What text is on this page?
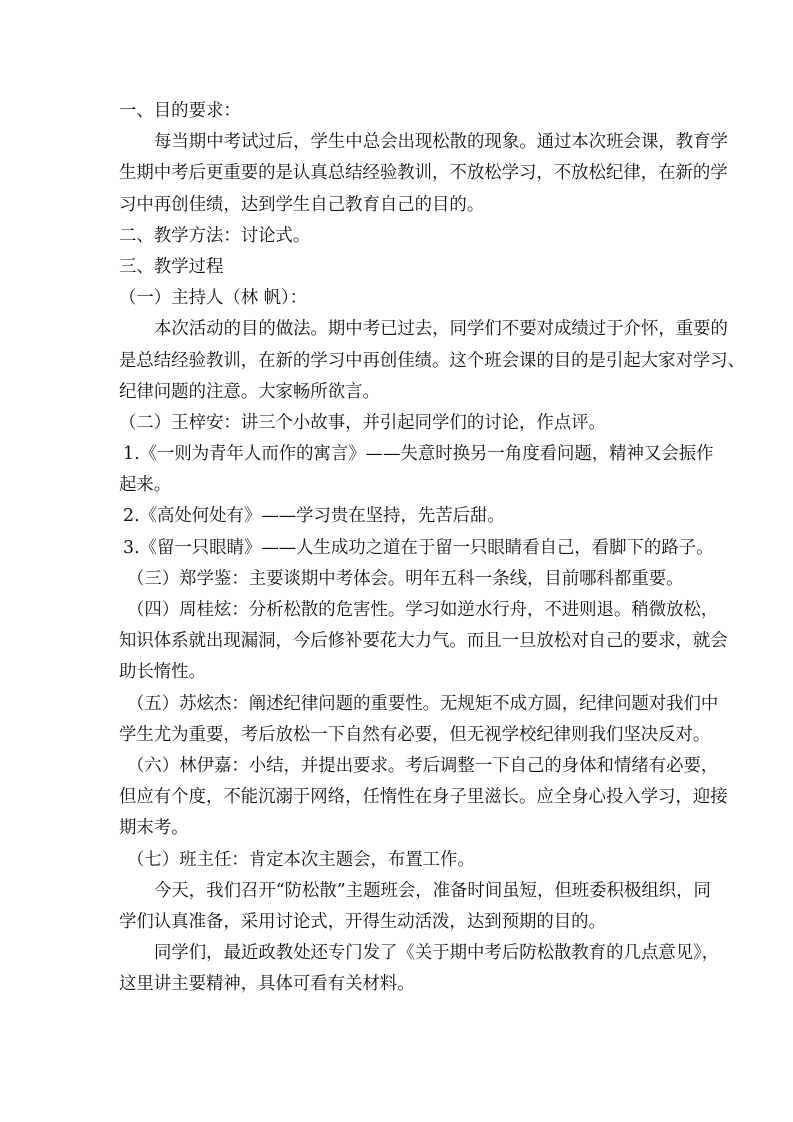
一、目的要求：
每当期中考试过后，学生中总会出现松散的现象。通过本次班会课，教育学
生期中考后更重要的是认真总结经验教训，不放松学习，不放松纪律，在新的学
习中再创佳绩，达到学生自己教育自己的目的。
二、教学方法：讨论式。
三、教学过程
（一）主持人（林 帆）：
本次活动的目的做法。期中考已过去，同学们不要对成绩过于介怀，重要的
是总结经验教训，在新的学习中再创佳绩。这个班会课的目的是引起大家对学习、
纪律问题的注意。大家畅所欲言。
（二）王梓安：讲三个小故事，并引起同学们的讨论，作点评。
1.《一则为青年人而作的寓言》——失意时换另一角度看问题，精神又会振作
起来。
2.《高处何处有》——学习贵在坚持，先苦后甜。
3.《留一只眼睛》——人生成功之道在于留一只眼睛看自己，看脚下的路子。
（三）郑学鉴：主要谈期中考体会。明年五科一条线，目前哪科都重要。
（四）周桂炫：分析松散的危害性。学习如逆水行舟，不进则退。稍微放松，
知识体系就出现漏洞，今后修补要花大力气。而且一旦放松对自己的要求，就会
助长惰性。
（五）苏炫杰：阐述纪律问题的重要性。无规矩不成方圆，纪律问题对我们中
学生尤为重要，考后放松一下自然有必要，但无视学校纪律则我们坚决反对。
（六）林伊嘉：小结，并提出要求。考后调整一下自己的身体和情绪有必要，
但应有个度，不能沉溺于网络，任惰性在身子里滋长。应全身心投入学习，迎接
期末考。
（七）班主任：肯定本次主题会，布置工作。
今天，我们召开“防松散”主题班会，准备时间虽短，但班委积极组织，同
学们认真准备，采用讨论式，开得生动活泼，达到预期的目的。
同学们，最近政教处还专门发了《关于期中考后防松散教育的几点意见》，
这里讲主要精神，具体可看有关材料。
